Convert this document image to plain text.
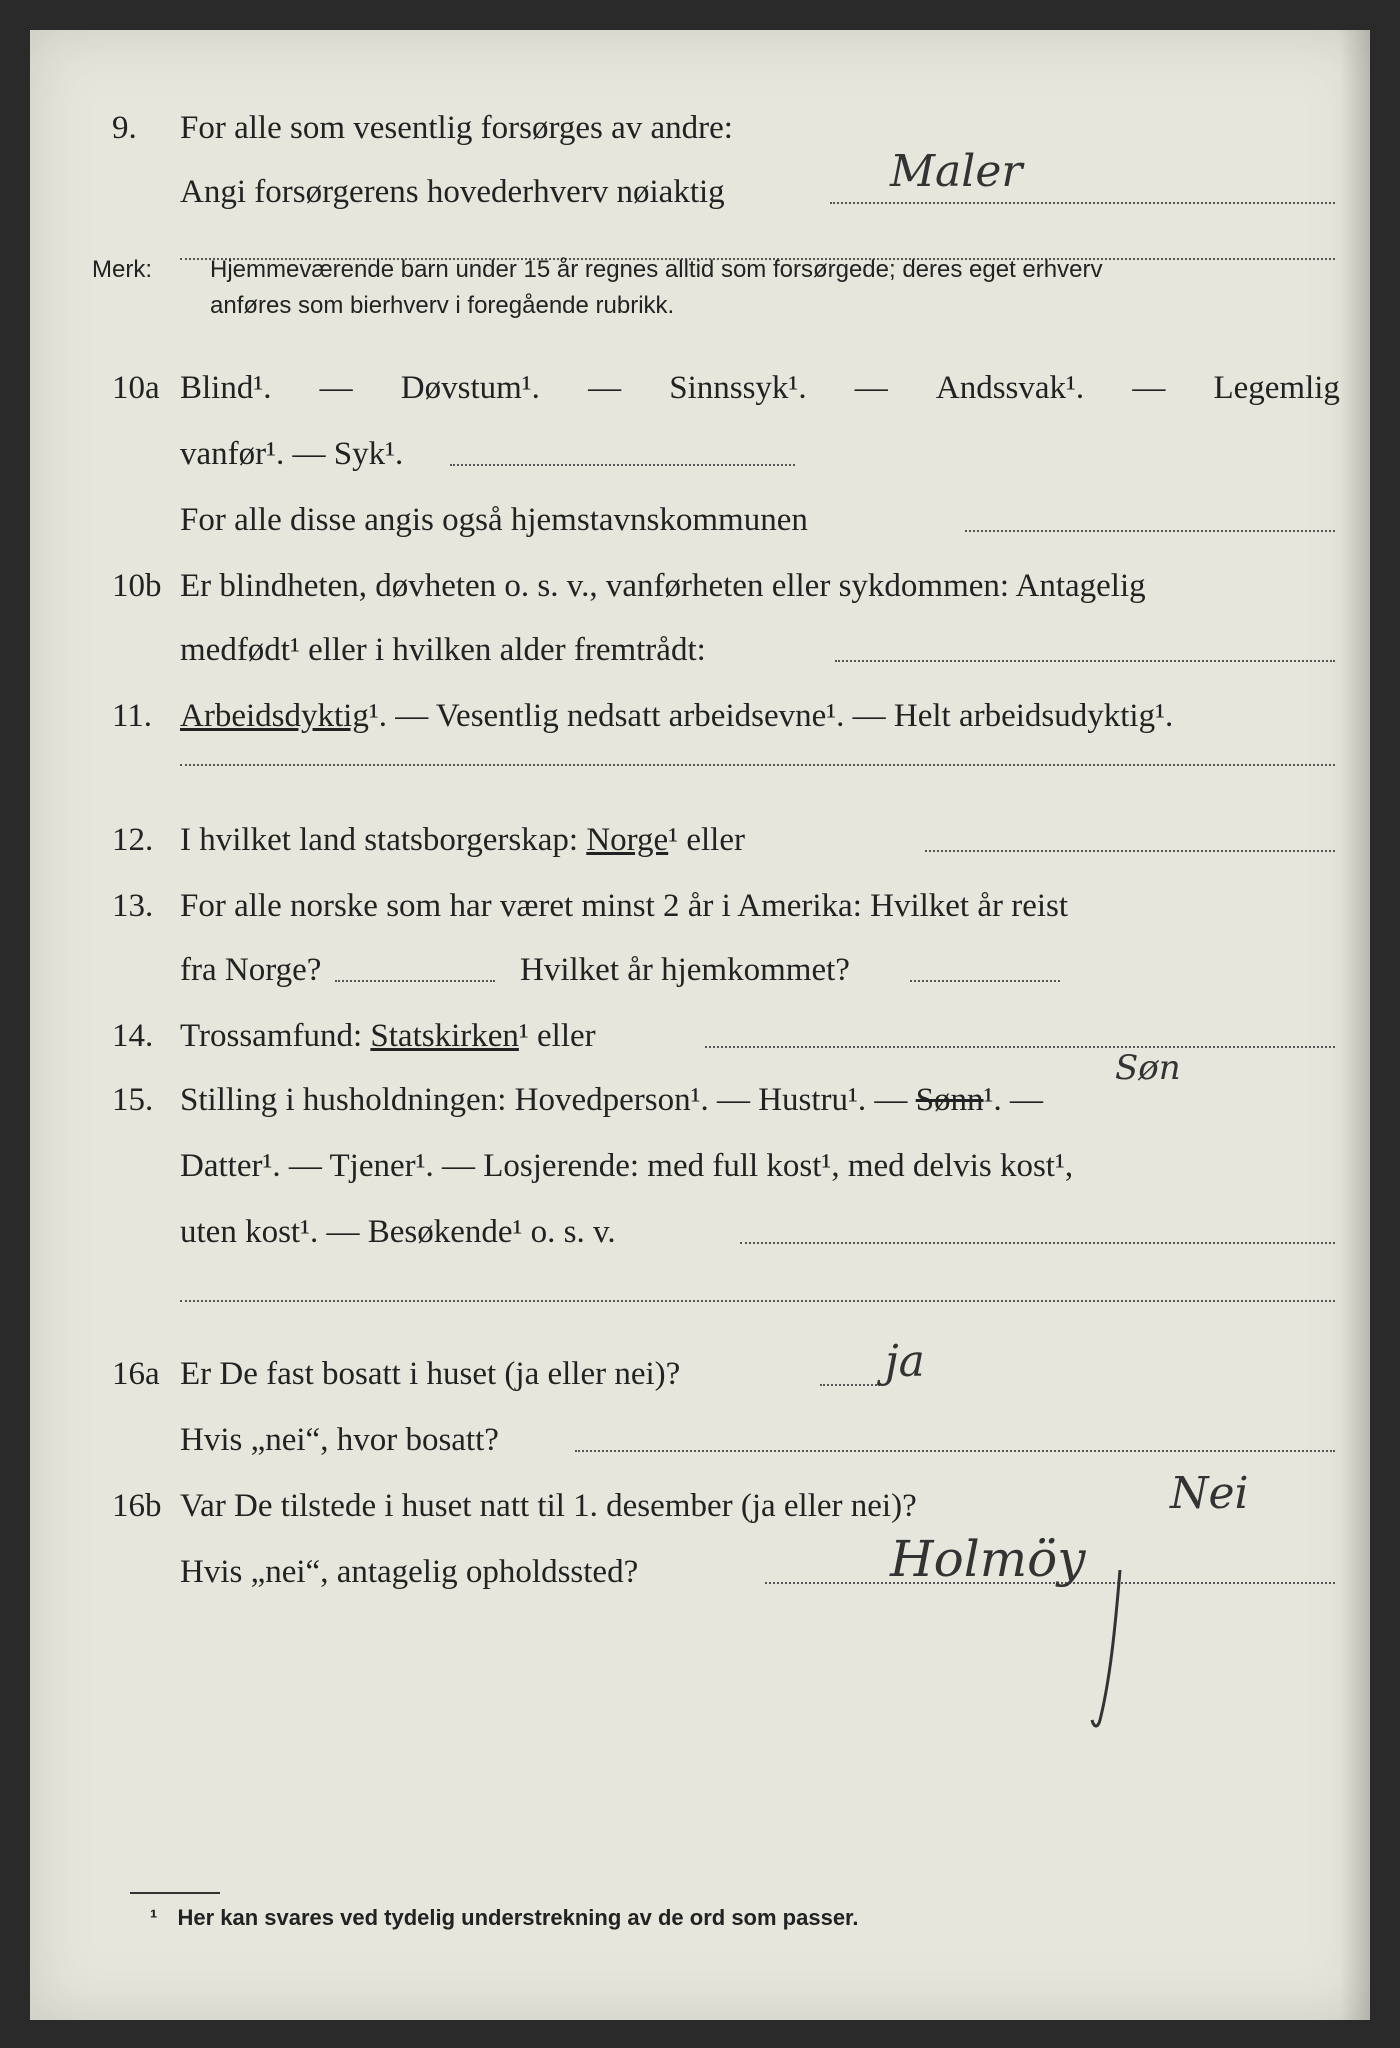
9.	For alle som vesentlig forsørges av andre:
Angi forsørgerens hovederhverv nøiaktig	Maler
Merk: Hjemmeværende barn under 15 år regnes alltid som forsørgede; deres eget erhverv
anføres som bierhverv i foregående rubrikk.
10a Blind¹. — Døvstum¹. — Sinnssyk¹. — Andssvak¹. — Legemlig
vanfør¹. — Syk¹.
For alle disse angis også hjemstavnskommunen
10b Er blindheten, døvheten o. s. v., vanførheten eller sykdommen: Antagelig
medfødt¹ eller i hvilken alder fremtrådt:
11. Arbeidsdyktig¹. — Vesentlig nedsatt arbeidsevne¹. — Helt arbeidsudyktig¹.
12. I hvilket land statsborgerskap: Norge¹ eller
13. For alle norske som har været minst 2 år i Amerika: Hvilket år reist
fra Norge?	Hvilket år hjemkommet?
14. Trossamfund: Statskirken¹ eller
Søn
15. Stilling i husholdningen: Hovedperson¹. — Hustru¹. — Sønn¹. —
Datter¹. — Tjener¹. — Losjerende: med full kost¹, med delvis kost¹,
uten kost¹. — Besøkende¹ o. s. v.
16a Er De fast bosatt i huset (ja eller nei)?	ja
Hvis „nei“, hvor bosatt?
16b Var De tilstede i huset natt til 1. desember (ja eller nei)?	Nei
Hvis „nei“, antagelig opholdssted?	Holmöy
¹ Her kan svares ved tydelig understrekning av de ord som passer.
